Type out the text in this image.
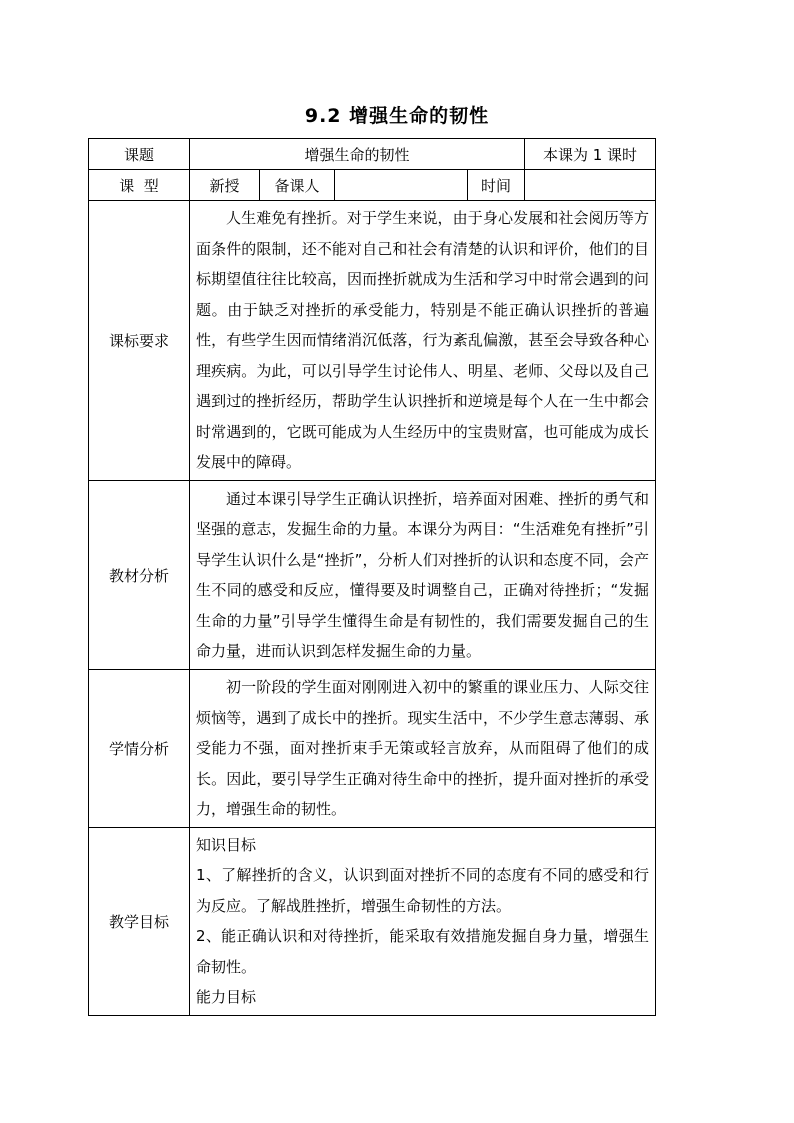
9.2 增强生命的韧性
课题	增强生命的韧性				本课为 1 课时
课  型	新授	备课人		时间	
课标要求	人生难免有挫折。对于学生来说，由于身心发展和社会阅历等方面条件的限制，还不能对自己和社会有清楚的认识和评价，他们的目标期望值往往比较高，因而挫折就成为生活和学习中时常会遇到的问题。由于缺乏对挫折的承受能力，特别是不能正确认识挫折的普遍性，有些学生因而情绪消沉低落，行为紊乱偏激，甚至会导致各种心理疾病。为此，可以引导学生讨论伟人、明星、老师、父母以及自己遇到过的挫折经历，帮助学生认识挫折和逆境是每个人在一生中都会时常遇到的，它既可能成为人生经历中的宝贵财富，也可能成为成长发展中的障碍。				
教材分析	通过本课引导学生正确认识挫折，培养面对困难、挫折的勇气和坚强的意志，发掘生命的力量。本课分为两目：“生活难免有挫折”引导学生认识什么是“挫折”，分析人们对挫折的认识和态度不同，会产生不同的感受和反应，懂得要及时调整自己，正确对待挫折；“发掘生命的力量”引导学生懂得生命是有韧性的，我们需要发掘自己的生命力量，进而认识到怎样发掘生命的力量。				
学情分析	初一阶段的学生面对刚刚进入初中的繁重的课业压力、人际交往烦恼等，遇到了成长中的挫折。现实生活中，不少学生意志薄弱、承受能力不强，面对挫折束手无策或轻言放弃，从而阻碍了他们的成长。因此，要引导学生正确对待生命中的挫折，提升面对挫折的承受力，增强生命的韧性。				
教学目标	知识目标
1、了解挫折的含义，认识到面对挫折不同的态度有不同的感受和行为反应。了解战胜挫折，增强生命韧性的方法。
2、能正确认识和对待挫折，能采取有效措施发掘自身力量，增强生命韧性。
能力目标				
